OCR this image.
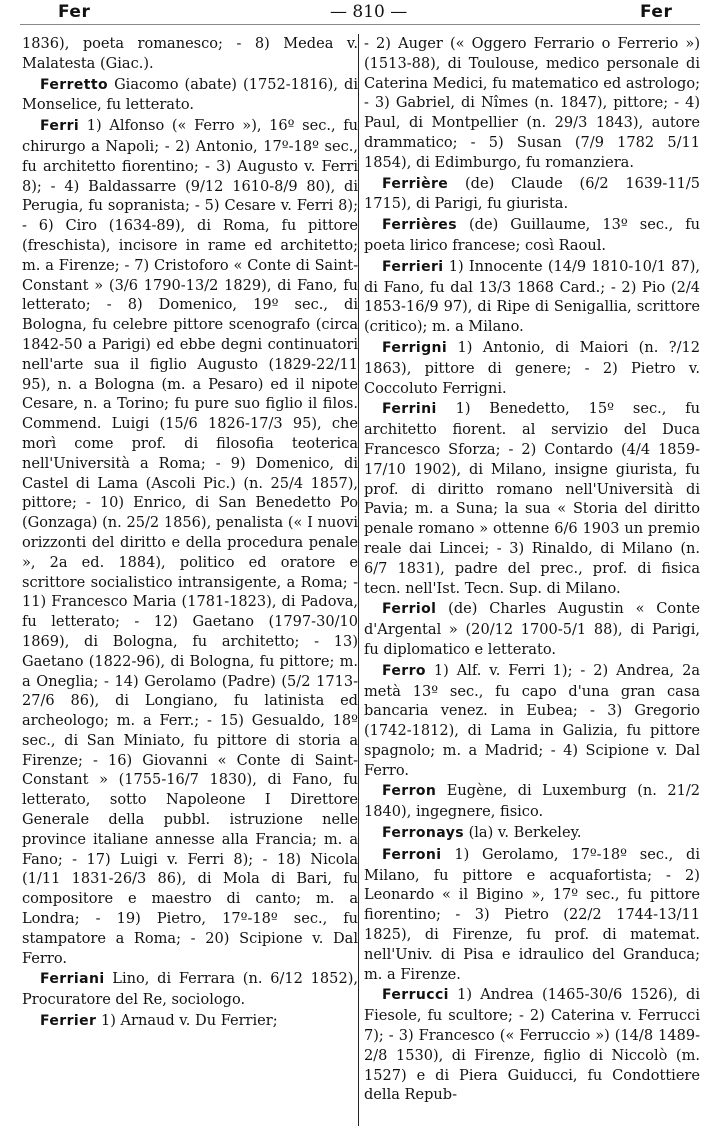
Fer	— 810 —	Fer

1836), poeta romanesco; - 8) Medea v. Malatesta (Giac.).

Ferretto Giacomo (abate) (1752-1816), di Monselice, fu letterato.

Ferri 1) Alfonso (« Ferro »), 16º sec., fu chirurgo a Napoli; - 2) Antonio, 17º-18º sec., fu architetto fiorentino; - 3) Augusto v. Ferri 8); - 4) Baldassarre (9/12 1610-8/9 80), di Perugia, fu sopranista; - 5) Cesare v. Ferri 8); - 6) Ciro (1634-89), di Roma, fu pittore (freschista), incisore in rame ed architetto; m. a Firenze; - 7) Cristoforo « Conte di Saint-Constant » (3/6 1790-13/2 1829), di Fano, fu letterato; - 8) Domenico, 19º sec., di Bologna, fu celebre pittore scenografo (circa 1842-50 a Parigi) ed ebbe degni continuatori nell'arte sua il figlio Augusto (1829-22/11 95), n. a Bologna (m. a Pesaro) ed il nipote Cesare, n. a Torino; fu pure suo figlio il filos. Commend. Luigi (15/6 1826-17/3 95), che morì come prof. di filosofia teoterica nell'Università a Roma; - 9) Domenico, di Castel di Lama (Ascoli Pic.) (n. 25/4 1857), pittore; - 10) Enrico, di San Benedetto Po (Gonzaga) (n. 25/2 1856), penalista (« I nuovi orizzonti del diritto e della procedura penale », 2a ed. 1884), politico ed oratore e scrittore socialistico intransigente, a Roma; - 11) Francesco Maria (1781-1823), di Padova, fu letterato; - 12) Gaetano (1797-30/10 1869), di Bologna, fu architetto; - 13) Gaetano (1822-96), di Bologna, fu pittore; m. a Oneglia; - 14) Gerolamo (Padre) (5/2 1713-27/6 86), di Longiano, fu latinista ed archeologo; m. a Ferr.; - 15) Gesualdo, 18º sec., di San Miniato, fu pittore di storia a Firenze; - 16) Giovanni « Conte di Saint-Constant » (1755-16/7 1830), di Fano, fu letterato, sotto Napoleone I Direttore Generale della pubbl. istruzione nelle province italiane annesse alla Francia; m. a Fano; - 17) Luigi v. Ferri 8); - 18) Nicola (1/11 1831-26/3 86), di Mola di Bari, fu compositore e maestro di canto; m. a Londra; - 19) Pietro, 17º-18º sec., fu stampatore a Roma; - 20) Scipione v. Dal Ferro.

Ferriani Lino, di Ferrara (n. 6/12 1852), Procuratore del Re, sociologo.

Ferrier 1) Arnaud v. Du Ferrier;

- 2) Auger (« Oggero Ferrario o Ferrerio ») (1513-88), di Toulouse, medico personale di Caterina Medici, fu matematico ed astrologo; - 3) Gabriel, di Nîmes (n. 1847), pittore; - 4) Paul, di Montpellier (n. 29/3 1843), autore drammatico; - 5) Susan (7/9 1782 5/11 1854), di Edimburgo, fu romanziera.

Ferrière (de) Claude (6/2 1639-11/5 1715), di Parigi, fu giurista.

Ferrières (de) Guillaume, 13º sec., fu poeta lirico francese; così Raoul.

Ferrieri 1) Innocente (14/9 1810-10/1 87), di Fano, fu dal 13/3 1868 Card.; - 2) Pio (2/4 1853-16/9 97), di Ripe di Senigallia, scrittore (critico); m. a Milano.

Ferrigni 1) Antonio, di Maiori (n. ?/12 1863), pittore di genere; - 2) Pietro v. Coccoluto Ferrigni.

Ferrini 1) Benedetto, 15º sec., fu architetto fiorent. al servizio del Duca Francesco Sforza; - 2) Contardo (4/4 1859-17/10 1902), di Milano, insigne giurista, fu prof. di diritto romano nell'Università di Pavia; m. a Suna; la sua « Storia del diritto penale romano » ottenne 6/6 1903 un premio reale dai Lincei; - 3) Rinaldo, di Milano (n. 6/7 1831), padre del prec., prof. di fisica tecn. nell'Ist. Tecn. Sup. di Milano.

Ferriol (de) Charles Augustin « Conte d'Argental » (20/12 1700-5/1 88), di Parigi, fu diplomatico e letterato.

Ferro 1) Alf. v. Ferri 1); - 2) Andrea, 2a metà 13º sec., fu capo d'una gran casa bancaria venez. in Eubea; - 3) Gregorio (1742-1812), di Lama in Galizia, fu pittore spagnolo; m. a Madrid; - 4) Scipione v. Dal Ferro.

Ferron Eugène, di Luxemburg (n. 21/2 1840), ingegnere, fisico.

Ferronays (la) v. Berkeley.

Ferroni 1) Gerolamo, 17º-18º sec., di Milano, fu pittore e acquafortista; - 2) Leonardo « il Bigino », 17º sec., fu pittore fiorentino; - 3) Pietro (22/2 1744-13/11 1825), di Firenze, fu prof. di matemat. nell'Univ. di Pisa e idraulico del Granduca; m. a Firenze.

Ferrucci 1) Andrea (1465-30/6 1526), di Fiesole, fu scultore; - 2) Caterina v. Ferrucci 7); - 3) Francesco (« Ferruccio ») (14/8 1489-2/8 1530), di Firenze, figlio di Niccolò (m. 1527) e di Piera Guiducci, fu Condottiere della Repub-
